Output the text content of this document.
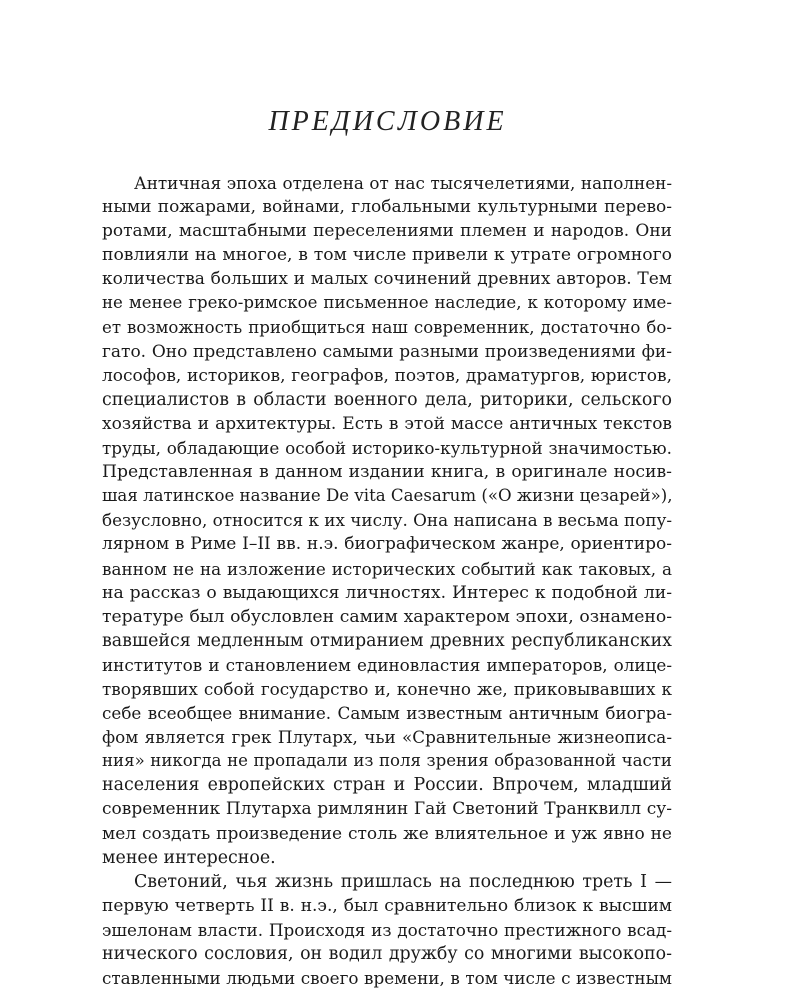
ПРЕДИСЛОВИЕ
Античная эпоха отделена от нас тысячелетиями, наполнен-
ными пожарами, войнами, глобальными культурными перево-
ротами, масштабными переселениями племен и народов. Они
повлияли на многое, в том числе привели к утрате огромного
количества больших и малых сочинений древних авторов. Тем
не менее греко-римское письменное наследие, к которому име-
ет возможность приобщиться наш современник, достаточно бо-
гато. Оно представлено самыми разными произведениями фи-
лософов, историков, географов, поэтов, драматургов, юристов,
специалистов в области военного дела, риторики, сельского
хозяйства и архитектуры. Есть в этой массе античных текстов
труды, обладающие особой историко-культурной значимостью.
Представленная в данном издании книга, в оригинале носив-
шая латинское название De vita Caesarum («О жизни цезарей»),
безусловно, относится к их числу. Она написана в весьма попу-
лярном в Риме I–II вв. н.э. биографическом жанре, ориентиро-
ванном не на изложение исторических событий как таковых, а
на рассказ о выдающихся личностях. Интерес к подобной ли-
тературе был обусловлен самим характером эпохи, ознамено-
вавшейся медленным отмиранием древних республиканских
институтов и становлением единовластия императоров, олице-
творявших собой государство и, конечно же, приковывавших к
себе всеобщее внимание. Самым известным античным биогра-
фом является грек Плутарх, чьи «Сравнительные жизнеописа-
ния» никогда не пропадали из поля зрения образованной части
населения европейских стран и России. Впрочем, младший
современник Плутарха римлянин Гай Светоний Транквилл су-
мел создать произведение столь же влиятельное и уж явно не
менее интересное.
Светоний, чья жизнь пришлась на последнюю треть I —
первую четверть II в. н.э., был сравнительно близок к высшим
эшелонам власти. Происходя из достаточно престижного всад-
нического сословия, он водил дружбу со многими высокопо-
ставленными людьми своего времени, в том числе с известным
